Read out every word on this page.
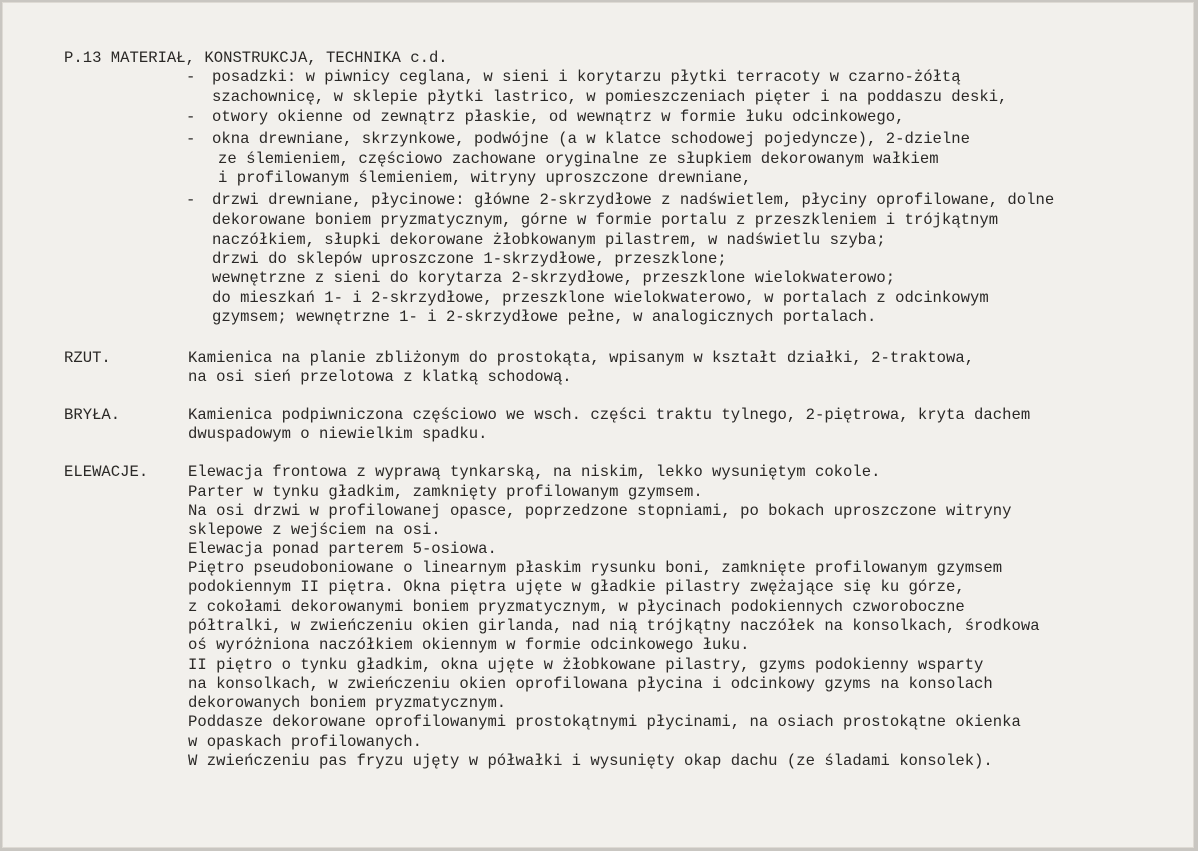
P.13 MATERIAŁ, KONSTRUKCJA, TECHNIKA c.d.
- posadzki: w piwnicy ceglana, w sieni i korytarzu płytki terracoty w czarno-żółtą
szachownicę, w sklepie płytki lastrico, w pomieszczeniach pięter i na poddaszu deski,
- otwory okienne od zewnątrz płaskie, od wewnątrz w formie łuku odcinkowego,
- okna drewniane, skrzynkowe, podwójne (a w klatce schodowej pojedyncze), 2-dzielne
ze ślemieniem, częściowo zachowane oryginalne ze słupkiem dekorowanym wałkiem
i profilowanym ślemieniem, witryny uproszczone drewniane,
- drzwi drewniane, płycinowe: główne 2-skrzydłowe z nadświetlem, płyciny oprofilowane, dolne
dekorowane boniem pryzmatycznym, górne w formie portalu z przeszkleniem i trójkątnym
naczółkiem, słupki dekorowane żłobkowanym pilastrem, w nadświetlu szyba;
drzwi do sklepów uproszczone 1-skrzydłowe, przeszklone;
wewnętrzne z sieni do korytarza 2-skrzydłowe, przeszklone wielokwaterowo;
do mieszkań 1- i 2-skrzydłowe, przeszklone wielokwaterowo, w portalach z odcinkowym
gzymsem; wewnętrzne 1- i 2-skrzydłowe pełne, w analogicznych portalach.
RZUT.	Kamienica na planie zbliżonym do prostokąta, wpisanym w kształt działki, 2-traktowa,
na osi sień przelotowa z klatką schodową.
BRYŁA.	Kamienica podpiwniczona częściowo we wsch. części traktu tylnego, 2-piętrowa, kryta dachem
dwuspadowym o niewielkim spadku.
ELEWACJE.	Elewacja frontowa z wyprawą tynkarską, na niskim, lekko wysuniętym cokole.
Parter w tynku gładkim, zamknięty profilowanym gzymsem.
Na osi drzwi w profilowanej opasce, poprzedzone stopniami, po bokach uproszczone witryny
sklepowe z wejściem na osi.
Elewacja ponad parterem 5-osiowa.
Piętro pseudoboniowane o linearnym płaskim rysunku boni, zamknięte profilowanym gzymsem
podokiennym II piętra. Okna piętra ujęte w gładkie pilastry zwężające się ku górze,
z cokołami dekorowanymi boniem pryzmatycznym, w płycinach podokiennych czworoboczne
półtralki, w zwieńczeniu okien girlanda, nad nią trójkątny naczółek na konsolkach, środkowa
oś wyróżniona naczółkiem okiennym w formie odcinkowego łuku.
II piętro o tynku gładkim, okna ujęte w żłobkowane pilastry, gzyms podokienny wsparty
na konsolkach, w zwieńczeniu okien oprofilowana płycina i odcinkowy gzyms na konsolach
dekorowanych boniem pryzmatycznym.
Poddasze dekorowane oprofilowanymi prostokątnymi płycinami, na osiach prostokątne okienka
w opaskach profilowanych.
W zwieńczeniu pas fryzu ujęty w półwałki i wysunięty okap dachu (ze śladami konsolek).
